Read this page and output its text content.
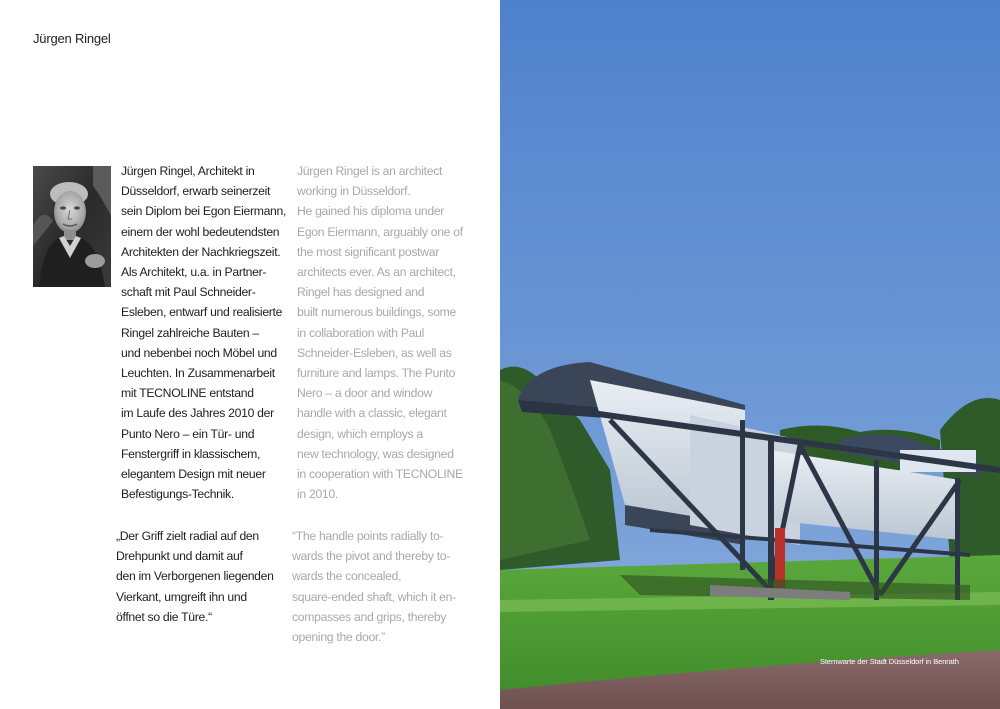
Jürgen Ringel
Jürgen Ringel, Architekt in
Düsseldorf, erwarb seinerzeit
sein Diplom bei Egon Eiermann,
einem der wohl bedeutendsten
Architekten der Nachkriegszeit.
Als Architekt, u.a. in Partner-
schaft mit Paul Schneider-
Esleben, entwarf und realisierte
Ringel zahlreiche Bauten –
und nebenbei noch Möbel und
Leuchten. In Zusammenarbeit
mit TECNOLINE entstand
im Laufe des Jahres 2010 der
Punto Nero – ein Tür- und
Fenstergriff in klassischem,
elegantem Design mit neuer
Befestigungs-Technik.
Jürgen Ringel is an architect
working in Düsseldorf.
He gained his diploma under
Egon Eiermann, arguably one of
the most significant postwar
architects ever. As an architect,
Ringel has designed and
built numerous buildings, some
in collaboration with Paul
Schneider-Esleben, as well as
furniture and lamps. The Punto
Nero – a door and window
handle with a classic, elegant
design, which employs a
new technology, was designed
in cooperation with TECNOLINE
in 2010.
„Der Griff zielt radial auf den
Drehpunkt und damit auf
den im Verborgenen liegenden
Vierkant, umgreift ihn und
öffnet so die Türe.“
“The handle points radially to-
wards the pivot and thereby to-
wards the concealed,
square-ended shaft, which it en-
compasses and grips, thereby
opening the door.”
Sternwarte der Stadt Düsseldorf in Benrath
